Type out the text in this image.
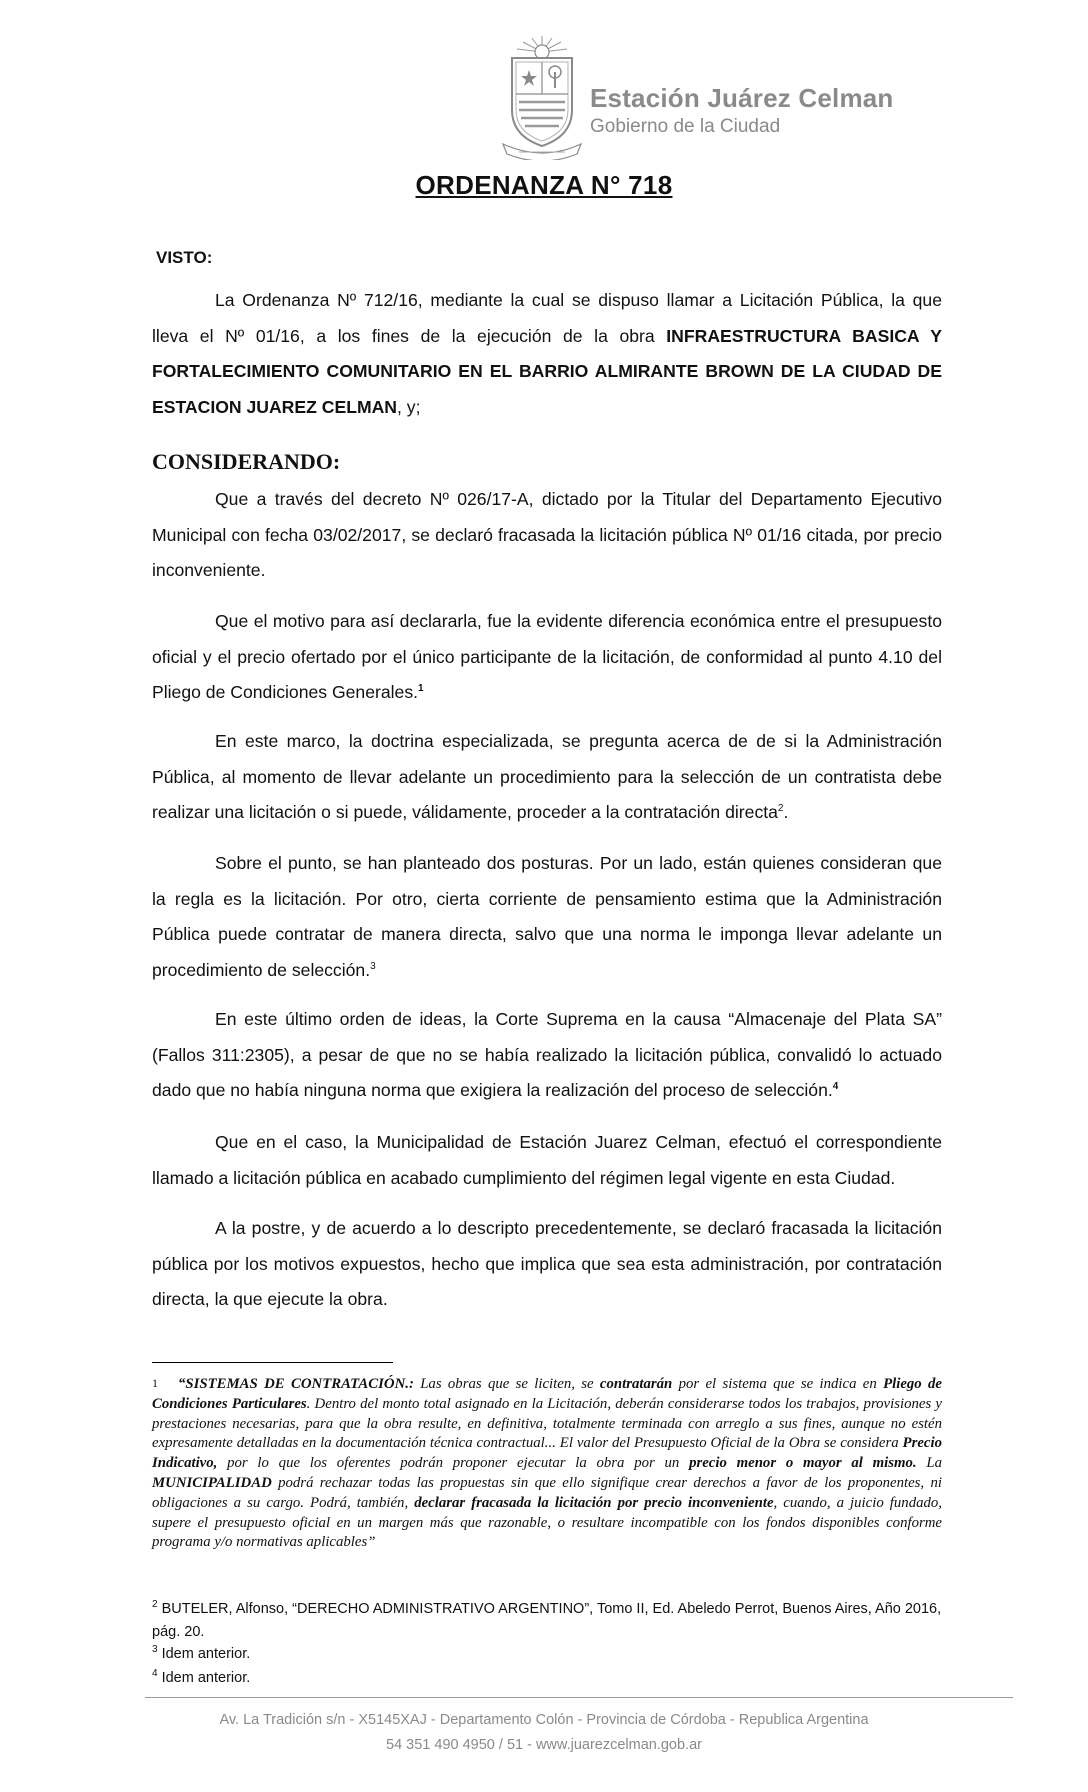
Estación Juárez Celman
Gobierno de la Ciudad
ORDENANZA N° 718
VISTO:

La Ordenanza Nº 712/16, mediante la cual se dispuso llamar a Licitación Pública, la que lleva el Nº 01/16, a los fines de la ejecución de la obra INFRAESTRUCTURA BASICA Y FORTALECIMIENTO COMUNITARIO EN EL BARRIO ALMIRANTE BROWN DE LA CIUDAD DE ESTACION JUAREZ CELMAN, y;

CONSIDERANDO:

Que a través del decreto Nº 026/17-A, dictado por la Titular del Departamento Ejecutivo Municipal con fecha 03/02/2017, se declaró fracasada la licitación pública Nº 01/16 citada, por precio inconveniente.

Que el motivo para así declararla, fue la evidente diferencia económica entre el presupuesto oficial y el precio ofertado por el único participante de la licitación, de conformidad al punto 4.10 del Pliego de Condiciones Generales.$^1$

En este marco, la doctrina especializada, se pregunta acerca de de si la Administración Pública, al momento de llevar adelante un procedimiento para la selección de un contratista debe realizar una licitación o si puede, válidamente, proceder a la contratación directa$^2$.

Sobre el punto, se han planteado dos posturas. Por un lado, están quienes consideran que la regla es la licitación. Por otro, cierta corriente de pensamiento estima que la Administración Pública puede contratar de manera directa, salvo que una norma le imponga llevar adelante un procedimiento de selección.$^3$

En este último orden de ideas, la Corte Suprema en la causa “Almacenaje del Plata SA” (Fallos 311:2305), a pesar de que no se había realizado la licitación pública, convalidó lo actuado dado que no había ninguna norma que exigiera la realización del proceso de selección.$^4$

Que en el caso, la Municipalidad de Estación Juarez Celman, efectuó el correspondiente llamado a licitación pública en acabado cumplimiento del régimen legal vigente en esta Ciudad.

A la postre, y de acuerdo a lo descripto precedentemente, se declaró fracasada la licitación pública por los motivos expuestos, hecho que implica que sea esta administración, por contratación directa, la que ejecute la obra.

1 “SISTEMAS DE CONTRATACIÓN.: Las obras que se liciten, se contratarán por el sistema que se indica en Pliego de Condiciones Particulares. Dentro del monto total asignado en la Licitación, deberán considerarse todos los trabajos, provisiones y prestaciones necesarias, para que la obra resulte, en definitiva, totalmente terminada con arreglo a sus fines, aunque no estén expresamente detalladas en la documentación técnica contractual... El valor del Presupuesto Oficial de la Obra se considera Precio Indicativo, por lo que los oferentes podrán proponer ejecutar la obra por un precio menor o mayor al mismo. La MUNICIPALIDAD podrá rechazar todas las propuestas sin que ello signifique crear derechos a favor de los proponentes, ni obligaciones a su cargo. Podrá, también, declarar fracasada la licitación por precio inconveniente, cuando, a juicio fundado, supere el presupuesto oficial en un margen más que razonable, o resultare incompatible con los fondos disponibles conforme programa y/o normativas aplicables”

$^2$ BUTELER, Alfonso, “DERECHO ADMINISTRATIVO ARGENTINO”, Tomo II, Ed. Abeledo Perrot, Buenos Aires, Año 2016, pág. 20.

$^3$ Idem anterior.

$^4$ Idem anterior.

Av. La Tradición s/n - X5145XAJ - Departamento Colón - Provincia de Córdoba - Republica Argentina
54 351 490 4950 / 51 - www.juarezcelman.gob.ar
